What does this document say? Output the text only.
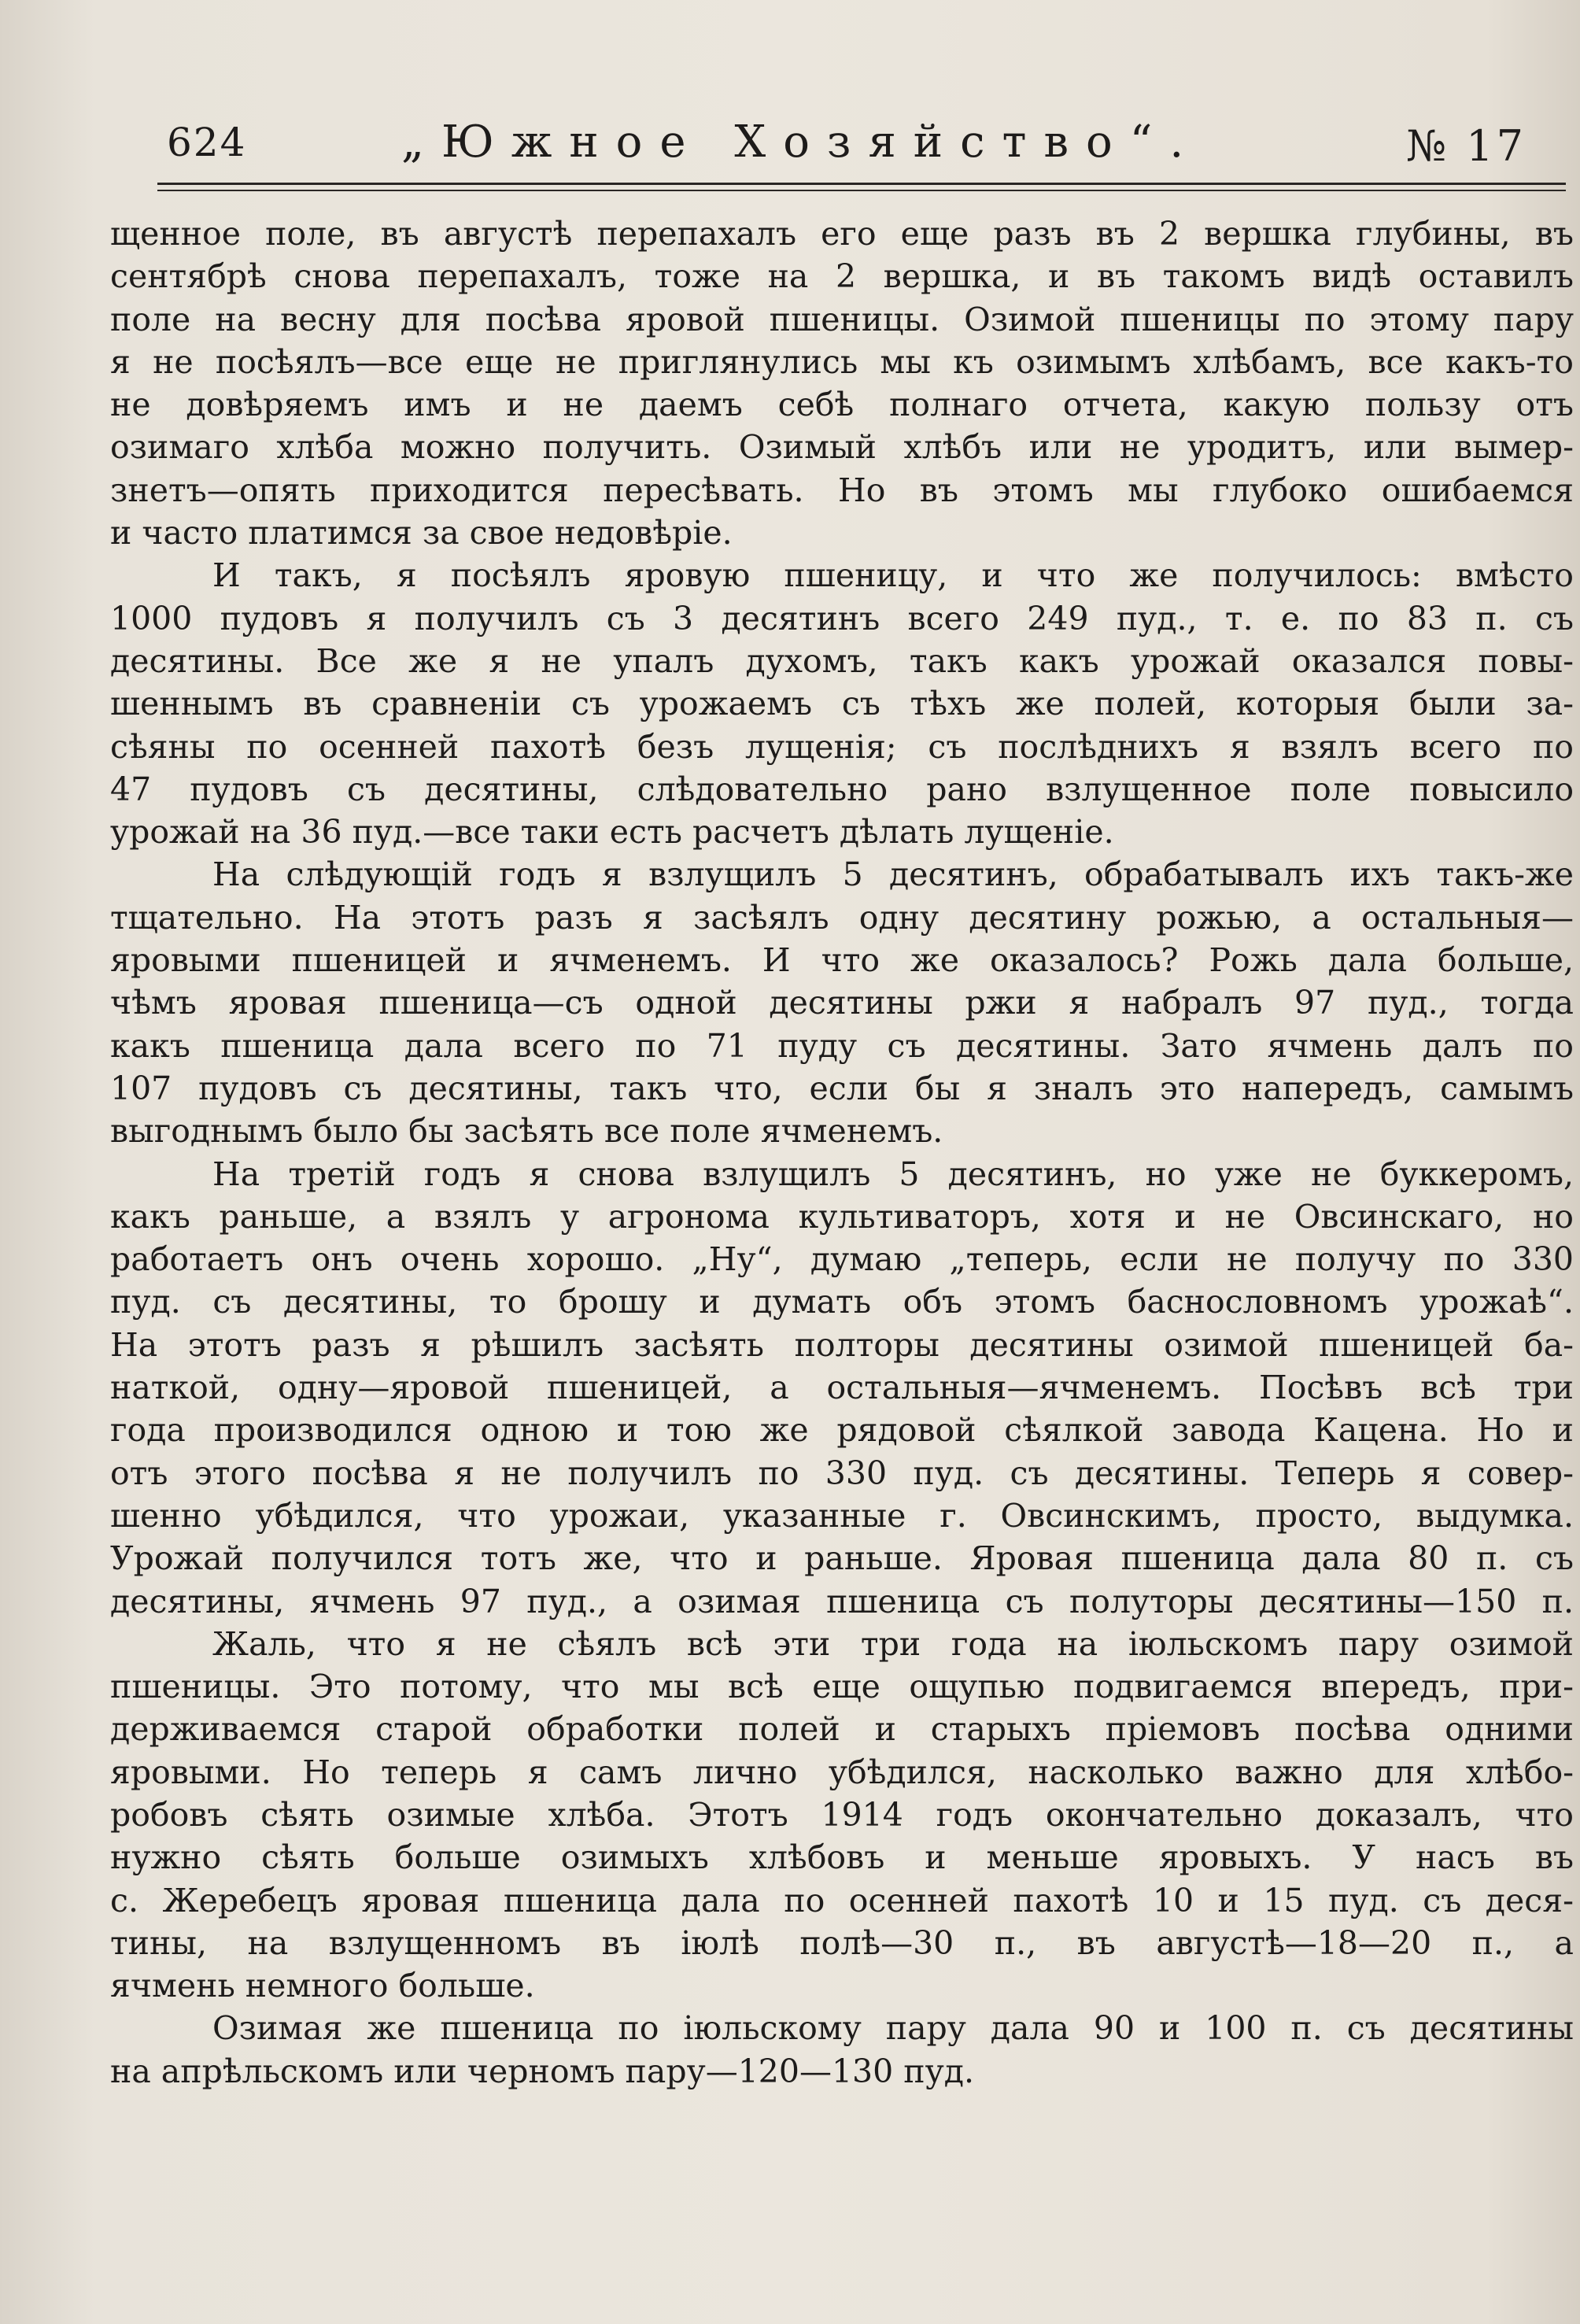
624	„Южное Хозяйство“.	№ 17
щенное поле, въ августѣ перепахалъ его еще разъ въ 2 вершка глубины, въ
сентябрѣ снова перепахалъ, тоже на 2 вершка, и въ такомъ видѣ оставилъ
поле на весну для посѣва яровой пшеницы. Озимой пшеницы по этому пару
я не посѣялъ—все еще не приглянулись мы къ озимымъ хлѣбамъ, все какъ-то
не довѣряемъ имъ и не даемъ себѣ полнаго отчета, какую пользу отъ
озимаго хлѣба можно получить. Озимый хлѣбъ или не уродитъ, или вымер-
знетъ—опять приходится пересѣвать. Но въ этомъ мы глубоко ошибаемся
и часто платимся за свое недовѣріе.
И такъ, я посѣялъ яровую пшеницу, и что же получилось: вмѣсто
1000 пудовъ я получилъ съ 3 десятинъ всего 249 пуд., т. е. по 83 п. съ
десятины. Все же я не упалъ духомъ, такъ какъ урожай оказался повы-
шеннымъ въ сравненіи съ урожаемъ съ тѣхъ же полей, которыя были за-
сѣяны по осенней пахотѣ безъ лущенія; съ послѣднихъ я взялъ всего по
47 пудовъ съ десятины, слѣдовательно рано взлущенное поле повысило
урожай на 36 пуд.—все таки есть расчетъ дѣлать лущеніе.
На слѣдующій годъ я взлущилъ 5 десятинъ, обрабатывалъ ихъ такъ-же
тщательно. На этотъ разъ я засѣялъ одну десятину рожью, а остальныя—
яровыми пшеницей и ячменемъ. И что же оказалось? Рожь дала больше,
чѣмъ яровая пшеница—съ одной десятины ржи я набралъ 97 пуд., тогда
какъ пшеница дала всего по 71 пуду съ десятины. Зато ячмень далъ по
107 пудовъ съ десятины, такъ что, если бы я зналъ это напередъ, самымъ
выгоднымъ было бы засѣять все поле ячменемъ.
На третій годъ я снова взлущилъ 5 десятинъ, но уже не буккеромъ,
какъ раньше, а взялъ у агронома культиваторъ, хотя и не Овсинскаго, но
работаетъ онъ очень хорошо. „Ну“, думаю „теперь, если не получу по 330
пуд. съ десятины, то брошу и думать объ этомъ баснословномъ урожаѣ“.
На этотъ разъ я рѣшилъ засѣять полторы десятины озимой пшеницей ба-
наткой, одну—яровой пшеницей, а остальныя—ячменемъ. Посѣвъ всѣ три
года производился одною и тою же рядовой сѣялкой завода Кацена. Но и
отъ этого посѣва я не получилъ по 330 пуд. съ десятины. Теперь я совер-
шенно убѣдился, что урожаи, указанные г. Овсинскимъ, просто, выдумка.
Урожай получился тотъ же, что и раньше. Яровая пшеница дала 80 п. съ
десятины, ячмень 97 пуд., а озимая пшеница съ полуторы десятины—150 п.
Жаль, что я не сѣялъ всѣ эти три года на іюльскомъ пару озимой
пшеницы. Это потому, что мы всѣ еще ощупью подвигаемся впередъ, при-
держиваемся старой обработки полей и старыхъ пріемовъ посѣва одними
яровыми. Но теперь я самъ лично убѣдился, насколько важно для хлѣбо-
робовъ сѣять озимые хлѣба. Этотъ 1914 годъ окончательно доказалъ, что
нужно сѣять больше озимыхъ хлѣбовъ и меньше яровыхъ. У насъ въ
с. Жеребецъ яровая пшеница дала по осенней пахотѣ 10 и 15 пуд. съ деся-
тины, на взлущенномъ въ іюлѣ полѣ—30 п., въ августѣ—18—20 п., а
ячмень немного больше.
Озимая же пшеница по іюльскому пару дала 90 и 100 п. съ десятины
на апрѣльскомъ или черномъ пару—120—130 пуд.
